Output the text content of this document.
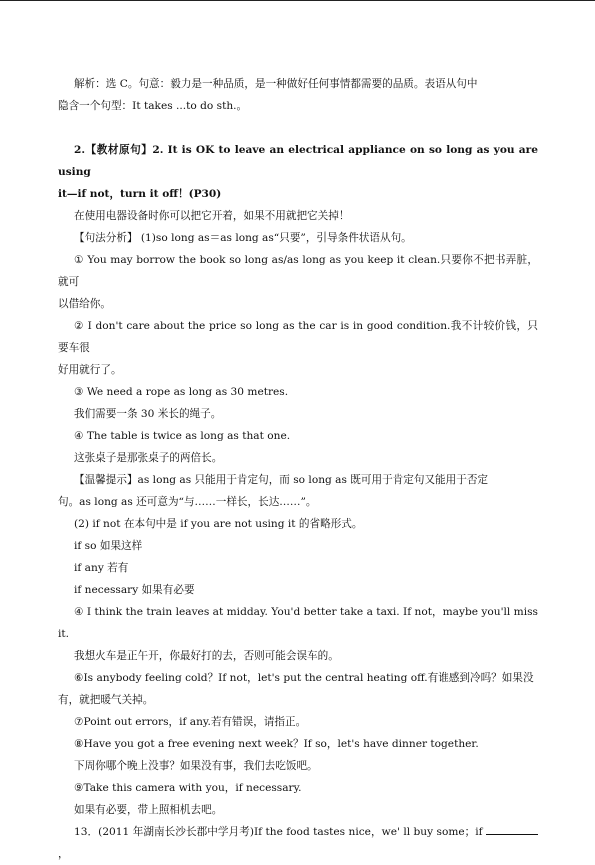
解析：选 C。句意：毅力是一种品质，是一种做好任何事情都需要的品质。表语从句中

隐含一个句型：It takes ...to do sth.。

2.【教材原句】2. It is OK to leave an electrical appliance on so long as you are using

it—if not，turn it off！(P30)

在使用电器设备时你可以把它开着，如果不用就把它关掉！

【句法分析】 (1)so long as＝as long as“只要”，引导条件状语从句。

① You may borrow the book so long as/as long as you keep it clean.只要你不把书弄脏，就可

以借给你。

② I don't care about the price so long as the car is in good condition.我不计较价钱，只要车很

好用就行了。

③ We need a rope as long as 30 metres.

我们需要一条 30 米长的绳子。

④ The table is twice as long as that one.

这张桌子是那张桌子的两倍长。

【温馨提示】as long as 只能用于肯定句，而 so long as 既可用于肯定句又能用于否定

句。as long as 还可意为“与……一样长，长达……”。

(2) if not 在本句中是 if you are not using it 的省略形式。

if so 如果这样

if any 若有

if necessary 如果有必要

④ I think the train leaves at midday. You'd better take a taxi. If not，maybe you'll miss it.

我想火车是正午开，你最好打的去，否则可能会误车的。

⑥Is anybody feeling cold？If not，let's put the central heating off.有谁感到冷吗？如果没

有，就把暖气关掉。

⑦Point out errors，if any.若有错误，请指正。

⑧Have you got a free evening next week？If so，let's have dinner together.

下周你哪个晚上没事？如果没有事，我们去吃饭吧。

⑨Take this camera with you，if necessary.

如果有必要，带上照相机去吧。

13．(2011 年湖南长沙长郡中学月考)If the food tastes nice，we' ll buy some；if ，
